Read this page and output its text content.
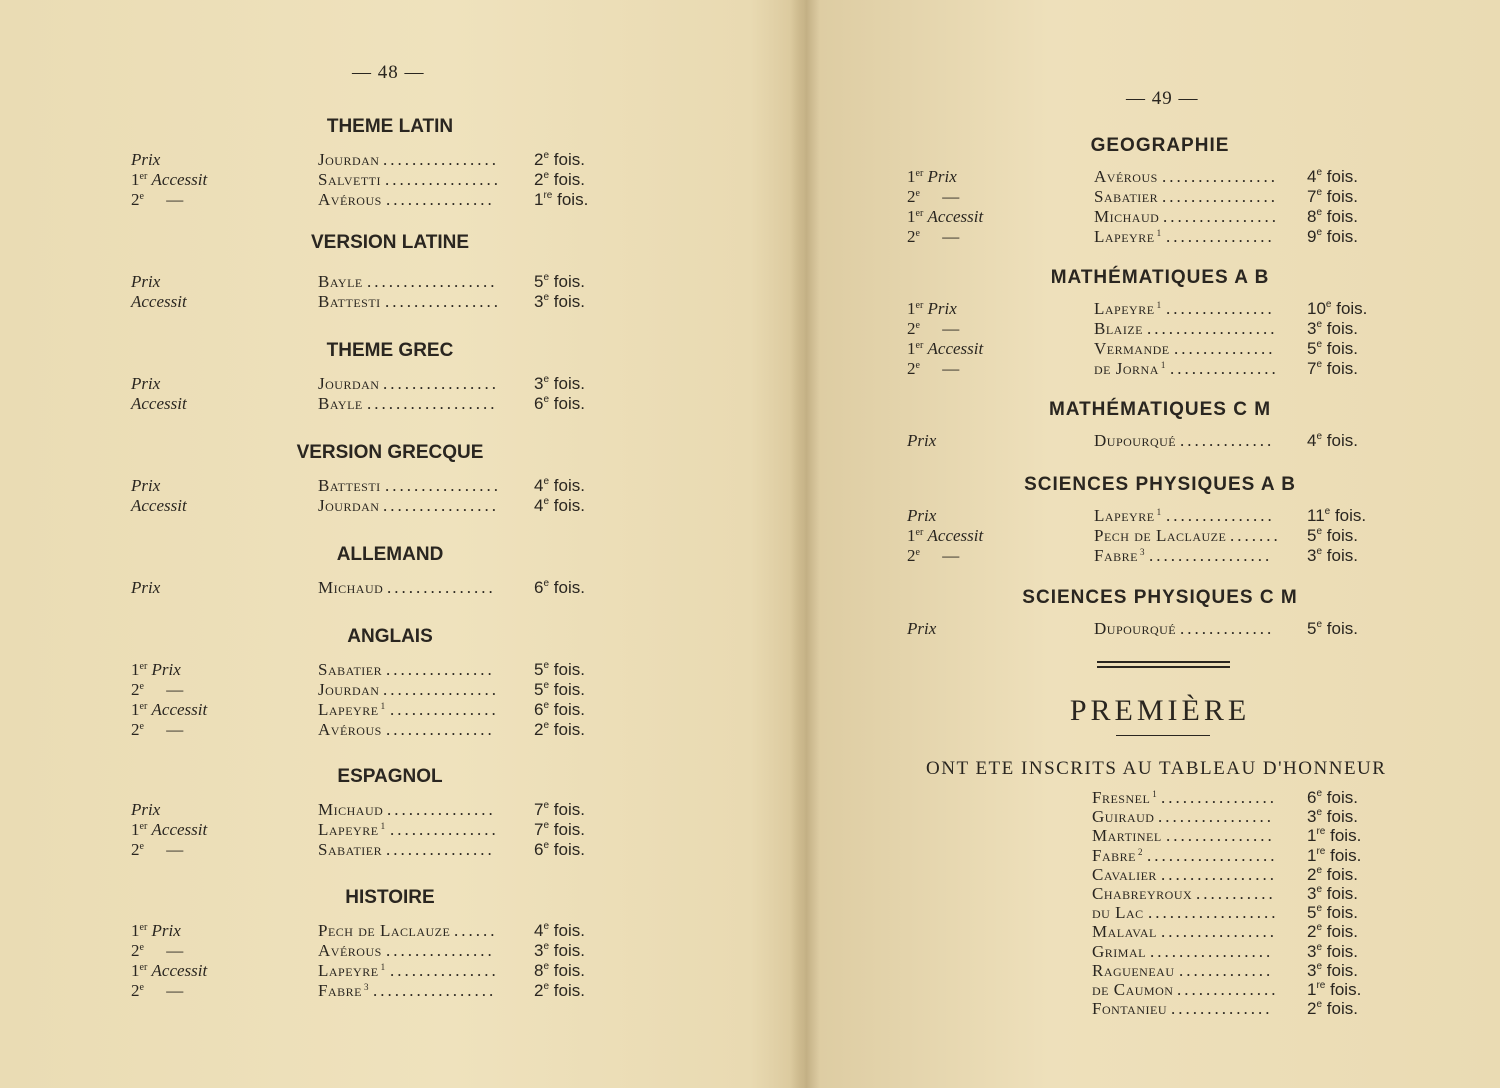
— 48 —
THEME LATIN
Prix	Jourdan	2e fois.
................
1er Accessit	Salvetti	2e fois.
................
2e —	Avérous	1re fois.
...............
VERSION LATINE
Prix	Bayle	5e fois.
..................
Accessit	Battesti	3e fois.
................
THEME GREC
Prix	Jourdan	3e fois.
................
Accessit	Bayle	6e fois.
..................
VERSION GRECQUE
Prix	Battesti	4e fois.
................
Accessit	Jourdan	4e fois.
................
ALLEMAND
Prix	Michaud	6e fois.
...............
ANGLAIS
1er Prix	Sabatier	5e fois.
...............
2e —	Jourdan	5e fois.
................
1er Accessit	Lapeyre $^1$	6e fois.
...............
2e —	Avérous	2e fois.
...............
ESPAGNOL
Prix	Michaud	7e fois.
...............
1er Accessit	Lapeyre $^1$	7e fois.
...............
2e —	Sabatier	6e fois.
...............
HISTOIRE
1er Prix	Pech de Laclauze	4e fois.
......
2e —	Avérous	3e fois.
...............
1er Accessit	Lapeyre $^1$	8e fois.
...............
2e —	Fabre $^3$	2e fois.
.................
— 49 —
GEOGRAPHIE
1er Prix	Avérous	4e fois.
................
2e —	Sabatier	7e fois.
................
1er Accessit	Michaud	8e fois.
................
2e —	Lapeyre $^1$	9e fois.
...............
MATHÉMATIQUES A B
1er Prix	Lapeyre $^1$	10e fois.
...............
2e —	Blaize	3e fois.
..................
1er Accessit	Vermande	5e fois.
..............
2e —	de Jorna $^1$	7e fois.
...............
MATHÉMATIQUES C M
Prix	Dupourqué	4e fois.
.............
SCIENCES PHYSIQUES A B
Prix	Lapeyre $^1$	11e fois.
...............
1er Accessit	Pech de Laclauze	5e fois.
.......
2e —	Fabre $^3$	3e fois.
.................
SCIENCES PHYSIQUES C M
Prix	Dupourqué	5e fois.
.............
PREMIÈRE
ONT ETE INSCRITS AU TABLEAU D'HONNEUR
Fresnel $^1$	6e fois.
................
Guiraud	3e fois.
................
Martinel	1re fois.
...............
Fabre $^2$	1re fois.
..................
Cavalier	2e fois.
................
Chabreyroux	3e fois.
...........
du Lac	5e fois.
..................
Malaval	2e fois.
................
Grimal	3e fois.
.................
Ragueneau	3e fois.
.............
de Caumon	1re fois.
..............
Fontanieu	2e fois.
..............
